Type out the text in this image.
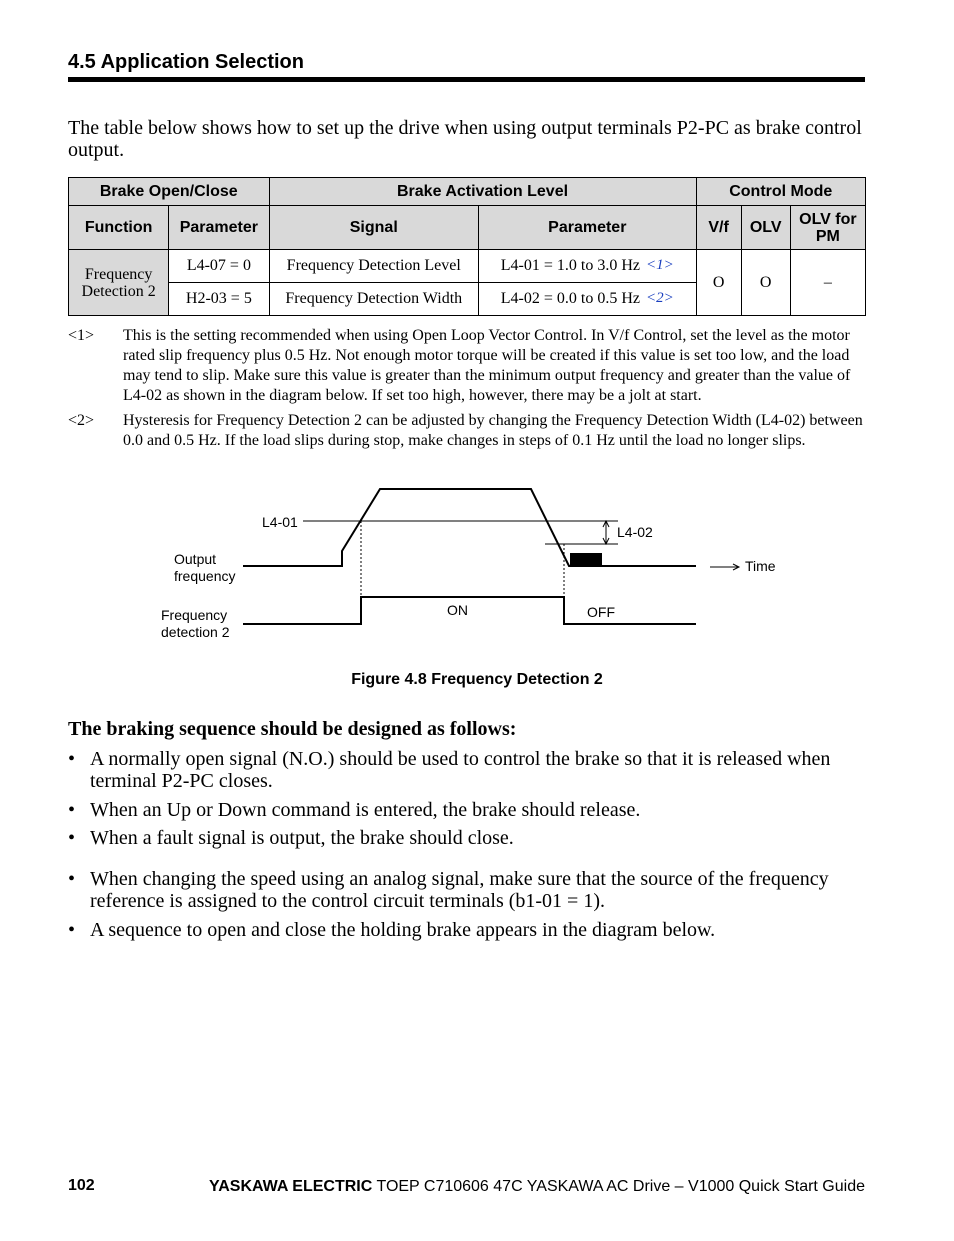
4.5 Application Selection
The table below shows how to set up the drive when using output terminals P2-PC as brake control output.
Brake Open/Close		Brake Activation Level		Control Mode		
Function	Parameter	Signal	Parameter	V/f	OLV	OLV for PM
Frequency Detection 2	L4-07 = 0	Frequency Detection Level	L4-01 = 1.0 to 3.0 Hz <1>	O	O	–
	H2-03 = 5	Frequency Detection Width	L4-02 = 0.0 to 0.5 Hz <2>			
<1> This is the setting recommended when using Open Loop Vector Control. In V/f Control, set the level as the motor rated slip frequency plus 0.5 Hz. Not enough motor torque will be created if this value is set too low, and the load may tend to slip. Make sure this value is greater than the minimum output frequency and greater than the value of L4-02 as shown in the diagram below. If set too high, however, there may be a jolt at start.
<2> Hysteresis for Frequency Detection 2 can be adjusted by changing the Frequency Detection Width (L4-02) between 0.0 and 0.5 Hz. If the load slips during stop, make changes in steps of 0.1 Hz until the load no longer slips.
L4-01
L4-02
Output
frequency
Time
Frequency
detection 2
ON	OFF
Figure 4.8 Frequency Detection 2
The braking sequence should be designed as follows:
• A normally open signal (N.O.) should be used to control the brake so that it is released when terminal P2-PC closes.
• When an Up or Down command is entered, the brake should release.
• When a fault signal is output, the brake should close.
• When changing the speed using an analog signal, make sure that the source of the frequency reference is assigned to the control circuit terminals (b1-01 = 1).
• A sequence to open and close the holding brake appears in the diagram below.
102	YASKAWA ELECTRIC TOEP C710606 47C YASKAWA AC Drive – V1000 Quick Start Guide
